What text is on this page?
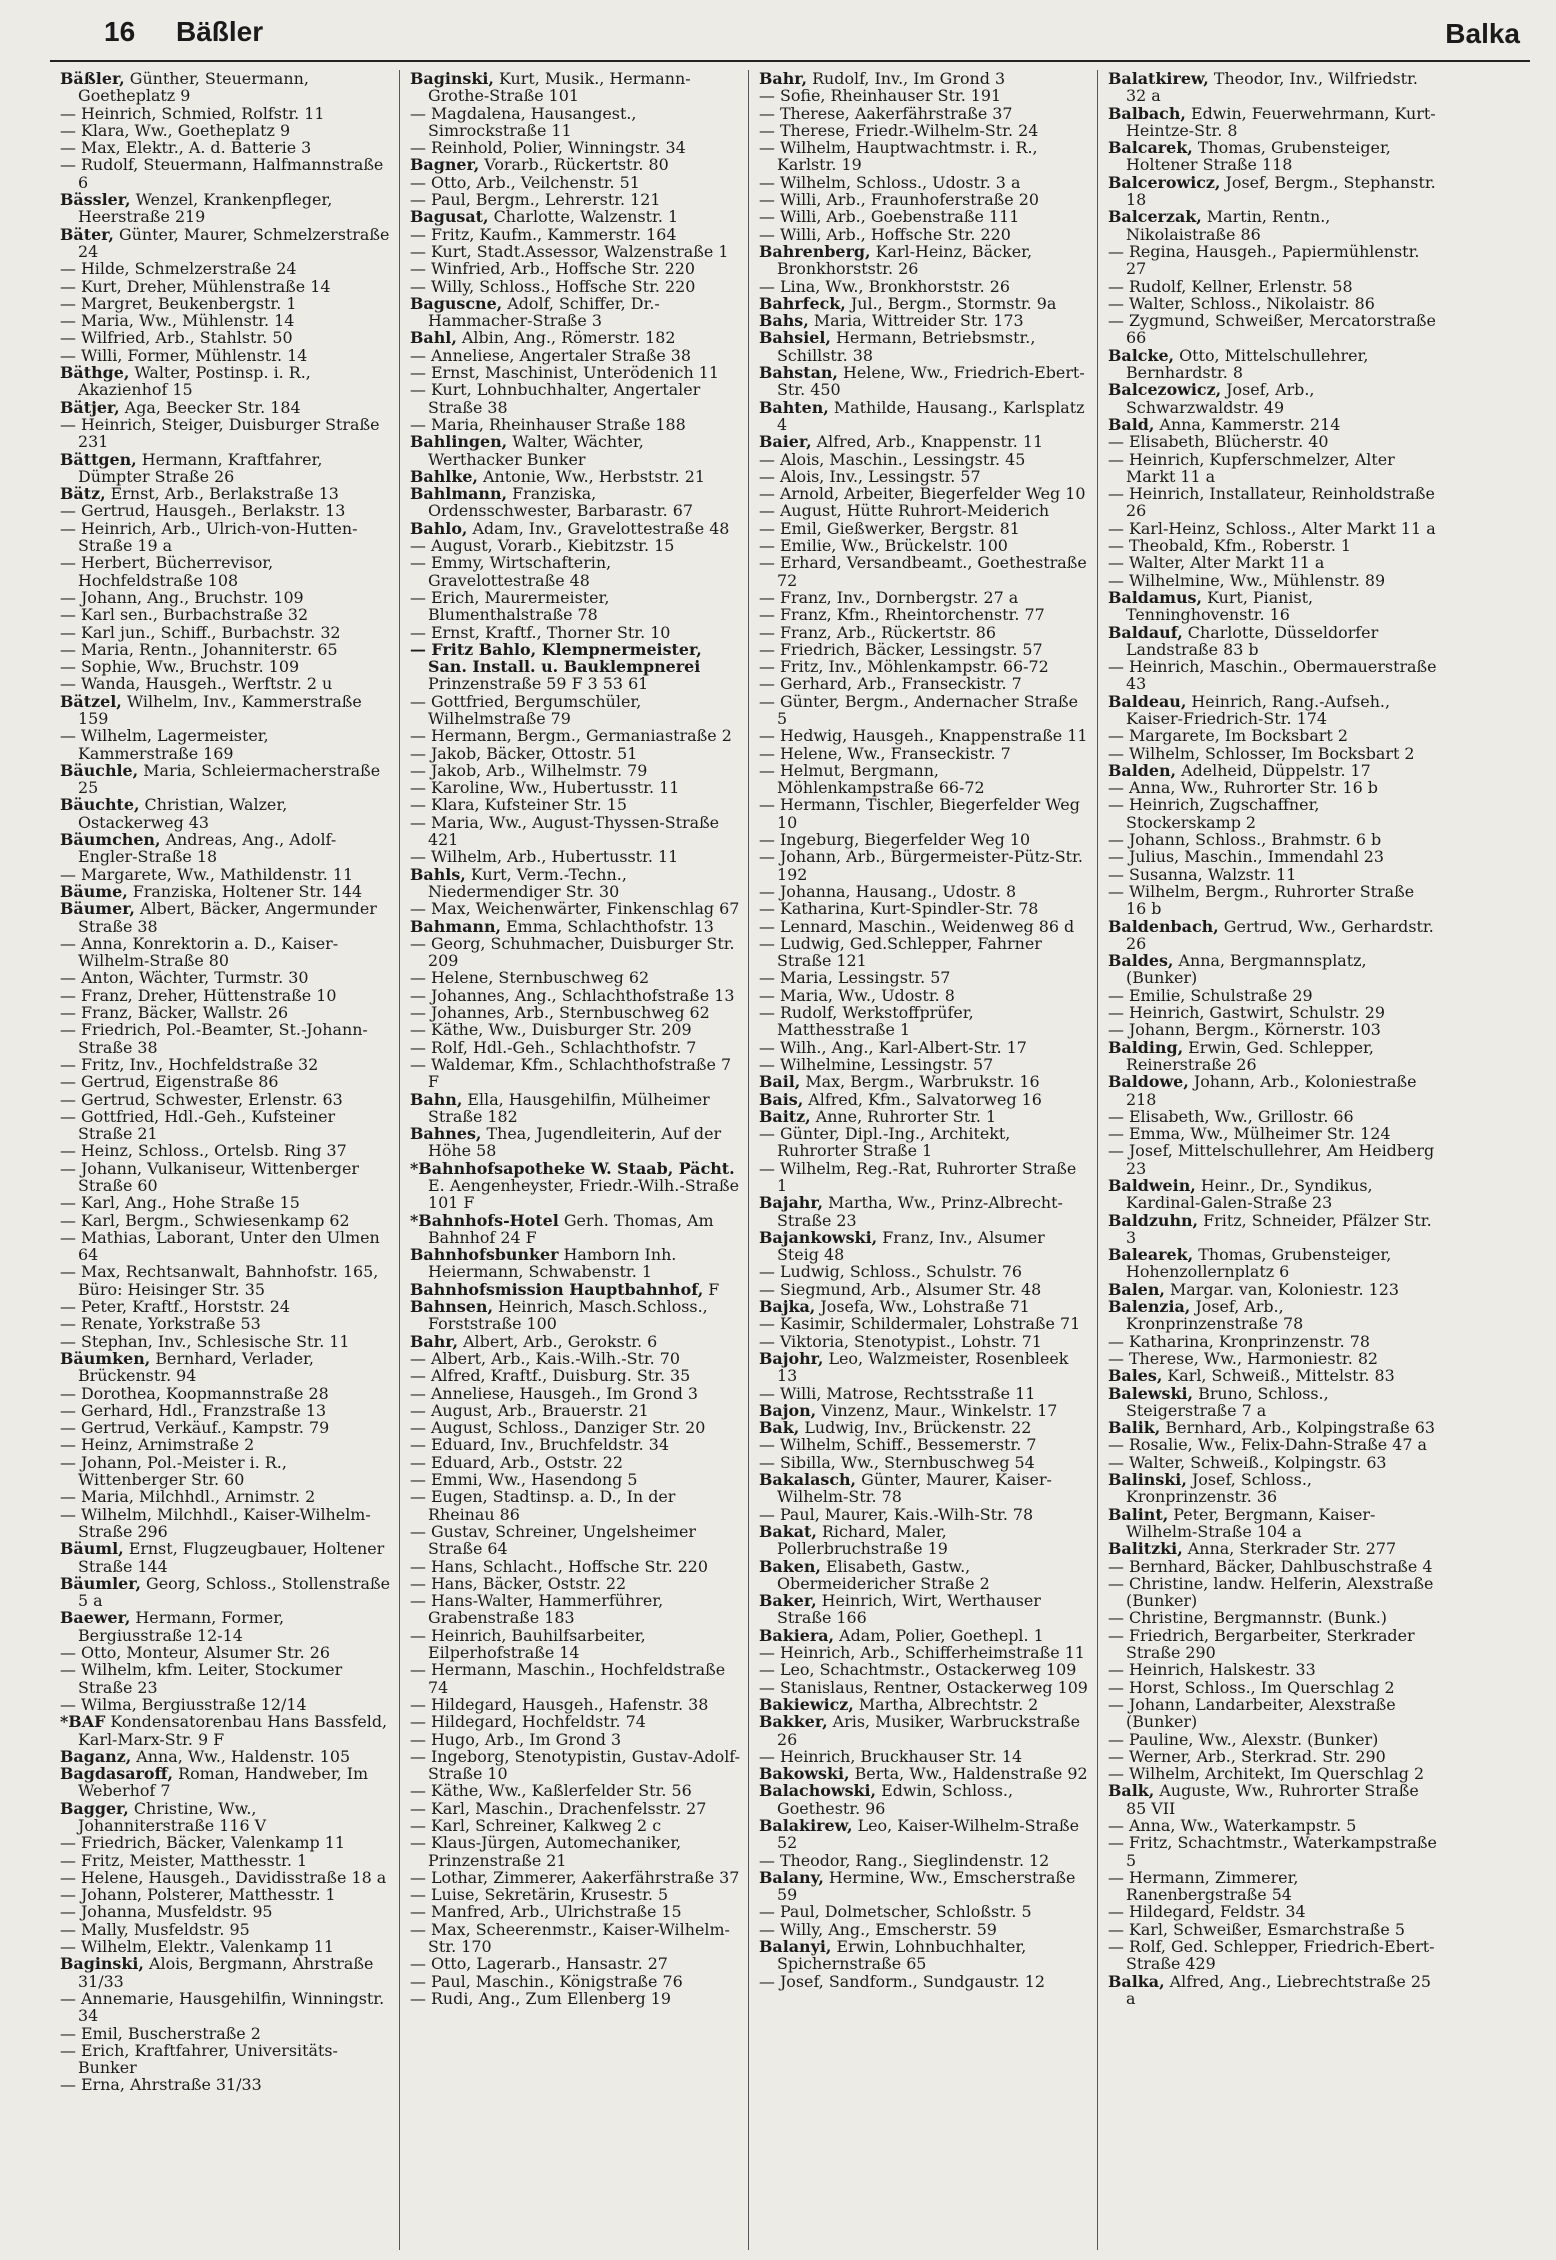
16 Bäßler	Balka

Bäßler, Günther, Steuermann, Goetheplatz 9

— Heinrich, Schmied, Rolfstr. 11

— Klara, Ww., Goetheplatz 9

— Max, Elektr., A. d. Batterie 3

— Rudolf, Steuermann, Halfmannstraße 6

Bässler, Wenzel, Krankenpfleger, Heerstraße 219

Bäter, Günter, Maurer, Schmelzerstraße 24

— Hilde, Schmelzerstraße 24

— Kurt, Dreher, Mühlenstraße 14

— Margret, Beukenbergstr. 1

— Maria, Ww., Mühlenstr. 14

— Wilfried, Arb., Stahlstr. 50

— Willi, Former, Mühlenstr. 14

Bäthge, Walter, Postinsp. i. R., Akazienhof 15

Bätjer, Aga, Beecker Str. 184

— Heinrich, Steiger, Duisburger Straße 231

Bättgen, Hermann, Kraftfahrer, Dümpter Straße 26

Bätz, Ernst, Arb., Berlakstraße 13

— Gertrud, Hausgeh., Berlakstr. 13

— Heinrich, Arb., Ulrich-von-Hutten-Straße 19 a

— Herbert, Bücherrevisor, Hochfeldstraße 108

— Johann, Ang., Bruchstr. 109

— Karl sen., Burbachstraße 32

— Karl jun., Schiff., Burbachstr. 32

— Maria, Rentn., Johanniterstr. 65

— Sophie, Ww., Bruchstr. 109

— Wanda, Hausgeh., Werftstr. 2 u

Bätzel, Wilhelm, Inv., Kammerstraße 159

— Wilhelm, Lagermeister, Kammerstraße 169

Bäuchle, Maria, Schleiermacherstraße 25

Bäuchte, Christian, Walzer, Ostackerweg 43

Bäumchen, Andreas, Ang., Adolf-Engler-Straße 18

— Margarete, Ww., Mathildenstr. 11

Bäume, Franziska, Holtener Str. 144

Bäumer, Albert, Bäcker, Angermunder Straße 38

— Anna, Konrektorin a. D., Kaiser-Wilhelm-Straße 80

— Anton, Wächter, Turmstr. 30

— Franz, Dreher, Hüttenstraße 10

— Franz, Bäcker, Wallstr. 26

— Friedrich, Pol.-Beamter, St.-Johann-Straße 38

— Fritz, Inv., Hochfeldstraße 32

— Gertrud, Eigenstraße 86

— Gertrud, Schwester, Erlenstr. 63

— Gottfried, Hdl.-Geh., Kufsteiner Straße 21

— Heinz, Schloss., Ortelsb. Ring 37

— Johann, Vulkaniseur, Wittenberger Straße 60

— Karl, Ang., Hohe Straße 15

— Karl, Bergm., Schwiesenkamp 62

— Mathias, Laborant, Unter den Ulmen 64

— Max, Rechtsanwalt, Bahnhofstr. 165, Büro: Heisinger Str. 35

— Peter, Kraftf., Horststr. 24

— Renate, Yorkstraße 53

— Stephan, Inv., Schlesische Str. 11

Bäumken, Bernhard, Verlader, Brückenstr. 94

— Dorothea, Koopmannstraße 28

— Gerhard, Hdl., Franzstraße 13

— Gertrud, Verkäuf., Kampstr. 79

— Heinz, Arnimstraße 2

— Johann, Pol.-Meister i. R., Wittenberger Str. 60

— Maria, Milchhdl., Arnimstr. 2

— Wilhelm, Milchhdl., Kaiser-Wilhelm-Straße 296

Bäuml, Ernst, Flugzeugbauer, Holtener Straße 144

Bäumler, Georg, Schloss., Stollenstraße 5 a

Baewer, Hermann, Former, Bergiusstraße 12-14

— Otto, Monteur, Alsumer Str. 26

— Wilhelm, kfm. Leiter, Stockumer Straße 23

— Wilma, Bergiusstraße 12/14

*BAF Kondensatorenbau Hans Bassfeld, Karl-Marx-Str. 9 F

Baganz, Anna, Ww., Haldenstr. 105

Bagdasaroff, Roman, Handweber, Im Weberhof 7

Bagger, Christine, Ww., Johanniterstraße 116 V

— Friedrich, Bäcker, Valenkamp 11

— Fritz, Meister, Matthesstr. 1

— Helene, Hausgeh., Davidisstraße 18 a

— Johann, Polsterer, Matthesstr. 1

— Johanna, Musfeldstr. 95

— Mally, Musfeldstr. 95

— Wilhelm, Elektr., Valenkamp 11

Baginski, Alois, Bergmann, Ahrstraße 31/33

— Annemarie, Hausgehilfin, Winningstr. 34

— Emil, Buscherstraße 2

— Erich, Kraftfahrer, Universitäts-Bunker

— Erna, Ahrstraße 31/33

Baginski, Kurt, Musik., Hermann-Grothe-Straße 101

— Magdalena, Hausangest., Simrockstraße 11

— Reinhold, Polier, Winningstr. 34

Bagner, Vorarb., Rückertstr. 80

— Otto, Arb., Veilchenstr. 51

— Paul, Bergm., Lehrerstr. 121

Bagusat, Charlotte, Walzenstr. 1

— Fritz, Kaufm., Kammerstr. 164

— Kurt, Stadt.Assessor, Walzenstraße 1

— Winfried, Arb., Hoffsche Str. 220

— Willy, Schloss., Hoffsche Str. 220

Baguscne, Adolf, Schiffer, Dr.-Hammacher-Straße 3

Bahl, Albin, Ang., Römerstr. 182

— Anneliese, Angertaler Straße 38

— Ernst, Maschinist, Unterödenich 11

— Kurt, Lohnbuchhalter, Angertaler Straße 38

— Maria, Rheinhauser Straße 188

Bahlingen, Walter, Wächter, Werthacker Bunker

Bahlke, Antonie, Ww., Herbststr. 21

Bahlmann, Franziska, Ordensschwester, Barbarastr. 67

Bahlo, Adam, Inv., Gravelottestraße 48

— August, Vorarb., Kiebitzstr. 15

— Emmy, Wirtschafterin, Gravelottestraße 48

— Erich, Maurermeister, Blumenthalstraße 78

— Ernst, Kraftf., Thorner Str. 10

— Fritz Bahlo, Klempnermeister, San. Install. u. Bauklempnerei Prinzenstraße 59 F 3 53 61

— Gottfried, Bergumschüler, Wilhelmstraße 79

— Hermann, Bergm., Germaniastraße 2

— Jakob, Bäcker, Ottostr. 51

— Jakob, Arb., Wilhelmstr. 79

— Karoline, Ww., Hubertusstr. 11

— Klara, Kufsteiner Str. 15

— Maria, Ww., August-Thyssen-Straße 421

— Wilhelm, Arb., Hubertusstr. 11

Bahls, Kurt, Verm.-Techn., Niedermendiger Str. 30

— Max, Weichenwärter, Finkenschlag 67

Bahmann, Emma, Schlachthofstr. 13

— Georg, Schuhmacher, Duisburger Str. 209

— Helene, Sternbuschweg 62

— Johannes, Ang., Schlachthofstraße 13

— Johannes, Arb., Sternbuschweg 62

— Käthe, Ww., Duisburger Str. 209

— Rolf, Hdl.-Geh., Schlachthofstr. 7

— Waldemar, Kfm., Schlachthofstraße 7 F

Bahn, Ella, Hausgehilfin, Mülheimer Straße 182

Bahnes, Thea, Jugendleiterin, Auf der Höhe 58

*Bahnhofsapotheke W. Staab, Pächt. E. Aengenheyster, Friedr.-Wilh.-Straße 101 F

*Bahnhofs-Hotel Gerh. Thomas, Am Bahnhof 24 F

Bahnhofsbunker Hamborn Inh. Heiermann, Schwabenstr. 1

Bahnhofsmission Hauptbahnhof, F

Bahnsen, Heinrich, Masch.Schloss., Forststraße 100

Bahr, Albert, Arb., Gerokstr. 6

— Albert, Arb., Kais.-Wilh.-Str. 70

— Alfred, Kraftf., Duisburg. Str. 35

— Anneliese, Hausgeh., Im Grond 3

— August, Arb., Brauerstr. 21

— August, Schloss., Danziger Str. 20

— Eduard, Inv., Bruchfeldstr. 34

— Eduard, Arb., Oststr. 22

— Emmi, Ww., Hasendong 5

— Eugen, Stadtinsp. a. D., In der Rheinau 86

— Gustav, Schreiner, Ungelsheimer Straße 64

— Hans, Schlacht., Hoffsche Str. 220

— Hans, Bäcker, Oststr. 22

— Hans-Walter, Hammerführer, Grabenstraße 183

— Heinrich, Bauhilfsarbeiter, Eilperhofstraße 14

— Hermann, Maschin., Hochfeldstraße 74

— Hildegard, Hausgeh., Hafenstr. 38

— Hildegard, Hochfeldstr. 74

— Hugo, Arb., Im Grond 3

— Ingeborg, Stenotypistin, Gustav-Adolf-Straße 10

— Käthe, Ww., Kaßlerfelder Str. 56

— Karl, Maschin., Drachenfelsstr. 27

— Karl, Schreiner, Kalkweg 2 c

— Klaus-Jürgen, Automechaniker, Prinzenstraße 21

— Lothar, Zimmerer, Aakerfährstraße 37

— Luise, Sekretärin, Krusestr. 5

— Manfred, Arb., Ulrichstraße 15

— Max, Scheerenmstr., Kaiser-Wilhelm-Str. 170

— Otto, Lagerarb., Hansastr. 27

— Paul, Maschin., Königstraße 76

— Rudi, Ang., Zum Ellenberg 19

Bahr, Rudolf, Inv., Im Grond 3

— Sofie, Rheinhauser Str. 191

— Therese, Aakerfährstraße 37

— Therese, Friedr.-Wilhelm-Str. 24

— Wilhelm, Hauptwachtmstr. i. R., Karlstr. 19

— Wilhelm, Schloss., Udostr. 3 a

— Willi, Arb., Fraunhoferstraße 20

— Willi, Arb., Goebenstraße 111

— Willi, Arb., Hoffsche Str. 220

Bahrenberg, Karl-Heinz, Bäcker, Bronkhorststr. 26

— Lina, Ww., Bronkhorststr. 26

Bahrfeck, Jul., Bergm., Stormstr. 9a

Bahs, Maria, Wittreider Str. 173

Bahsiel, Hermann, Betriebsmstr., Schillstr. 38

Bahstan, Helene, Ww., Friedrich-Ebert-Str. 450

Bahten, Mathilde, Hausang., Karlsplatz 4

Baier, Alfred, Arb., Knappenstr. 11

— Alois, Maschin., Lessingstr. 45

— Alois, Inv., Lessingstr. 57

— Arnold, Arbeiter, Biegerfelder Weg 10

— August, Hütte Ruhrort-Meiderich

— Emil, Gießwerker, Bergstr. 81

— Emilie, Ww., Brückelstr. 100

— Erhard, Versandbeamt., Goethestraße 72

— Franz, Inv., Dornbergstr. 27 a

— Franz, Kfm., Rheintorchenstr. 77

— Franz, Arb., Rückertstr. 86

— Friedrich, Bäcker, Lessingstr. 57

— Fritz, Inv., Möhlenkampstr. 66-72

— Gerhard, Arb., Franseckistr. 7

— Günter, Bergm., Andernacher Straße 5

— Hedwig, Hausgeh., Knappenstraße 11

— Helene, Ww., Franseckistr. 7

— Helmut, Bergmann, Möhlenkampstraße 66-72

— Hermann, Tischler, Biegerfelder Weg 10

— Ingeburg, Biegerfelder Weg 10

— Johann, Arb., Bürgermeister-Pütz-Str. 192

— Johanna, Hausang., Udostr. 8

— Katharina, Kurt-Spindler-Str. 78

— Lennard, Maschin., Weidenweg 86 d

— Ludwig, Ged.Schlepper, Fahrner Straße 121

— Maria, Lessingstr. 57

— Maria, Ww., Udostr. 8

— Rudolf, Werkstoffprüfer, Matthesstraße 1

— Wilh., Ang., Karl-Albert-Str. 17

— Wilhelmine, Lessingstr. 57

Bail, Max, Bergm., Warbrukstr. 16

Bais, Alfred, Kfm., Salvatorweg 16

Baitz, Anne, Ruhrorter Str. 1

— Günter, Dipl.-Ing., Architekt, Ruhrorter Straße 1

— Wilhelm, Reg.-Rat, Ruhrorter Straße 1

Bajahr, Martha, Ww., Prinz-Albrecht-Straße 23

Bajankowski, Franz, Inv., Alsumer Steig 48

— Ludwig, Schloss., Schulstr. 76

— Siegmund, Arb., Alsumer Str. 48

Bajka, Josefa, Ww., Lohstraße 71

— Kasimir, Schildermaler, Lohstraße 71

— Viktoria, Stenotypist., Lohstr. 71

Bajohr, Leo, Walzmeister, Rosenbleek 13

— Willi, Matrose, Rechtsstraße 11

Bajon, Vinzenz, Maur., Winkelstr. 17

Bak, Ludwig, Inv., Brückenstr. 22

— Wilhelm, Schiff., Bessemerstr. 7

— Sibilla, Ww., Sternbuschweg 54

Bakalasch, Günter, Maurer, Kaiser-Wilhelm-Str. 78

— Paul, Maurer, Kais.-Wilh-Str. 78

Bakat, Richard, Maler, Pollerbruchstraße 19

Baken, Elisabeth, Gastw., Obermeidericher Straße 2

Baker, Heinrich, Wirt, Werthauser Straße 166

Bakiera, Adam, Polier, Goethepl. 1

— Heinrich, Arb., Schifferheimstraße 11

— Leo, Schachtmstr., Ostackerweg 109

— Stanislaus, Rentner, Ostackerweg 109

Bakiewicz, Martha, Albrechtstr. 2

Bakker, Aris, Musiker, Warbruckstraße 26

— Heinrich, Bruckhauser Str. 14

Bakowski, Berta, Ww., Haldenstraße 92

Balachowski, Edwin, Schloss., Goethestr. 96

Balakirew, Leo, Kaiser-Wilhelm-Straße 52

— Theodor, Rang., Sieglindenstr. 12

Balany, Hermine, Ww., Emscherstraße 59

— Paul, Dolmetscher, Schloßstr. 5

— Willy, Ang., Emscherstr. 59

Balanyi, Erwin, Lohnbuchhalter, Spichernstraße 65

— Josef, Sandform., Sundgaustr. 12

Balatkirew, Theodor, Inv., Wilfriedstr. 32 a

Balbach, Edwin, Feuerwehrmann, Kurt-Heintze-Str. 8

Balcarek, Thomas, Grubensteiger, Holtener Straße 118

Balcerowicz, Josef, Bergm., Stephanstr. 18

Balcerzak, Martin, Rentn., Nikolaistraße 86

— Regina, Hausgeh., Papiermühlenstr. 27

— Rudolf, Kellner, Erlenstr. 58

— Walter, Schloss., Nikolaistr. 86

— Zygmund, Schweißer, Mercatorstraße 66

Balcke, Otto, Mittelschullehrer, Bernhardstr. 8

Balcezowicz, Josef, Arb., Schwarzwaldstr. 49

Bald, Anna, Kammerstr. 214

— Elisabeth, Blücherstr. 40

— Heinrich, Kupferschmelzer, Alter Markt 11 a

— Heinrich, Installateur, Reinholdstraße 26

— Karl-Heinz, Schloss., Alter Markt 11 a

— Theobald, Kfm., Roberstr. 1

— Walter, Alter Markt 11 a

— Wilhelmine, Ww., Mühlenstr. 89

Baldamus, Kurt, Pianist, Tenninghovenstr. 16

Baldauf, Charlotte, Düsseldorfer Landstraße 83 b

— Heinrich, Maschin., Obermauerstraße 43

Baldeau, Heinrich, Rang.-Aufseh., Kaiser-Friedrich-Str. 174

— Margarete, Im Bocksbart 2

— Wilhelm, Schlosser, Im Bocksbart 2

Balden, Adelheid, Düppelstr. 17

— Anna, Ww., Ruhrorter Str. 16 b

— Heinrich, Zugschaffner, Stockerskamp 2

— Johann, Schloss., Brahmstr. 6 b

— Julius, Maschin., Immendahl 23

— Susanna, Walzstr. 11

— Wilhelm, Bergm., Ruhrorter Straße 16 b

Baldenbach, Gertrud, Ww., Gerhardstr. 26

Baldes, Anna, Bergmannsplatz, (Bunker)

— Emilie, Schulstraße 29

— Heinrich, Gastwirt, Schulstr. 29

— Johann, Bergm., Körnerstr. 103

Balding, Erwin, Ged. Schlepper, Reinerstraße 26

Baldowe, Johann, Arb., Koloniestraße 218

— Elisabeth, Ww., Grillostr. 66

— Emma, Ww., Mülheimer Str. 124

— Josef, Mittelschullehrer, Am Heidberg 23

Baldwein, Heinr., Dr., Syndikus, Kardinal-Galen-Straße 23

Baldzuhn, Fritz, Schneider, Pfälzer Str. 3

Balearek, Thomas, Grubensteiger, Hohenzollernplatz 6

Balen, Margar. van, Koloniestr. 123

Balenzia, Josef, Arb., Kronprinzenstraße 78

— Katharina, Kronprinzenstr. 78

— Therese, Ww., Harmoniestr. 82

Bales, Karl, Schweiß., Mittelstr. 83

Balewski, Bruno, Schloss., Steigerstraße 7 a

Balik, Bernhard, Arb., Kolpingstraße 63

— Rosalie, Ww., Felix-Dahn-Straße 47 a

— Walter, Schweiß., Kolpingstr. 63

Balinski, Josef, Schloss., Kronprinzenstr. 36

Balint, Peter, Bergmann, Kaiser-Wilhelm-Straße 104 a

Balitzki, Anna, Sterkrader Str. 277

— Bernhard, Bäcker, Dahlbuschstraße 4

— Christine, landw. Helferin, Alexstraße (Bunker)

— Christine, Bergmannstr. (Bunk.)

— Friedrich, Bergarbeiter, Sterkrader Straße 290

— Heinrich, Halskestr. 33

— Horst, Schloss., Im Querschlag 2

— Johann, Landarbeiter, Alexstraße (Bunker)

— Pauline, Ww., Alexstr. (Bunker)

— Werner, Arb., Sterkrad. Str. 290

— Wilhelm, Architekt, Im Querschlag 2

Balk, Auguste, Ww., Ruhrorter Straße 85 VII

— Anna, Ww., Waterkampstr. 5

— Fritz, Schachtmstr., Waterkampstraße 5

— Hermann, Zimmerer, Ranenbergstraße 54

— Hildegard, Feldstr. 34

— Karl, Schweißer, Esmarchstraße 5

— Rolf, Ged. Schlepper, Friedrich-Ebert-Straße 429

Balka, Alfred, Ang., Liebrechtstraße 25 a
